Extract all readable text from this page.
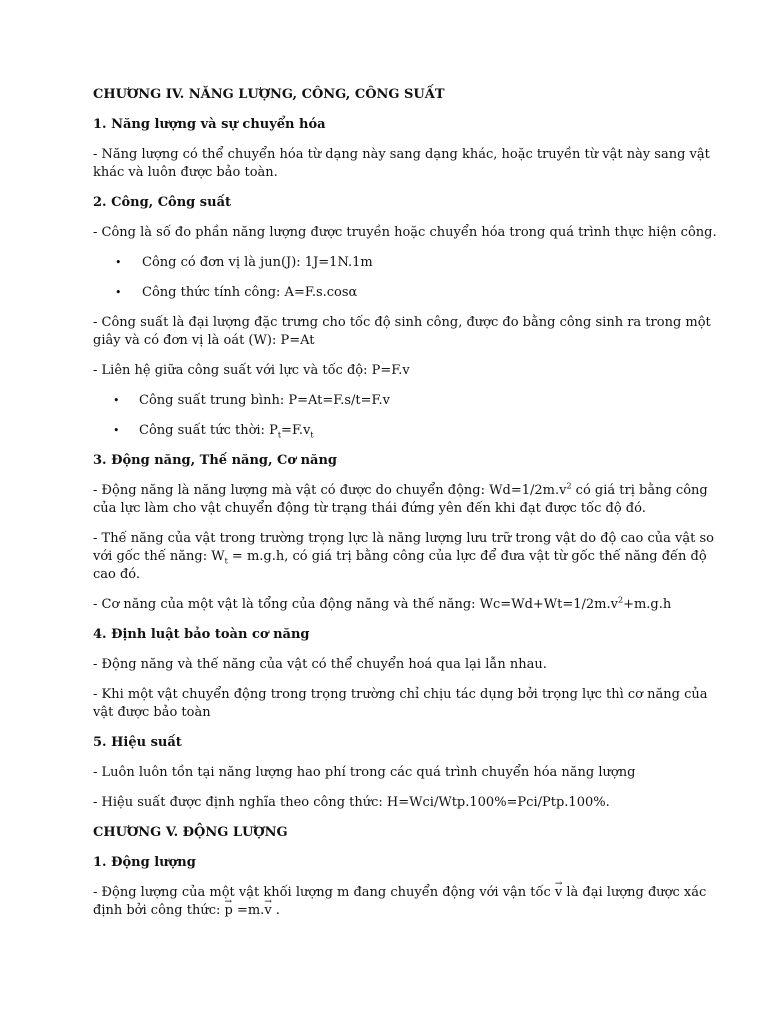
CHƯƠNG IV. NĂNG LƯỢNG, CÔNG, CÔNG SUẤT

1. Năng lượng và sự chuyển hóa

- Năng lượng có thể chuyển hóa từ dạng này sang dạng khác, hoặc truyền từ vật này sang vật

khác và luôn được bảo toàn.

2. Công, Công suất

- Công là số đo phần năng lượng được truyền hoặc chuyển hóa trong quá trình thực hiện công.

• Công có đơn vị là jun(J): 1J=1N.1m
• Công thức tính công: A=F.s.cosα

- Công suất là đại lượng đặc trưng cho tốc độ sinh công, được đo bằng công sinh ra trong một

giây và có đơn vị là oát (W): P=At

- Liên hệ giữa công suất với lực và tốc độ: P=F.v

• Công suất trung bình: P=At=F.s/t=F.v
• Công suất tức thời: $P_t=F.v_t$

3. Động năng, Thế năng, Cơ năng

- Động năng là năng lượng mà vật có được do chuyển động: $Wd=1/2m.v^2$ có giá trị bằng công

của lực làm cho vật chuyển động từ trạng thái đứng yên đến khi đạt được tốc độ đó.

- Thế năng của vật trong trường trọng lực là năng lượng lưu trữ trong vật do độ cao của vật so

với gốc thế năng: $W_t = m.g.h$, có giá trị bằng công của lực để đưa vật từ gốc thế năng đến độ

cao đó.

- Cơ năng của một vật là tổng của động năng và thế năng: $Wc=Wd+Wt=1/2m.v^2+m.g.h$

4. Định luật bảo toàn cơ năng

- Động năng và thế năng của vật có thể chuyển hoá qua lại lẫn nhau.

- Khi một vật chuyển động trong trọng trường chỉ chịu tác dụng bởi trọng lực thì cơ năng của

vật được bảo toàn

5. Hiệu suất

- Luôn luôn tồn tại năng lượng hao phí trong các quá trình chuyển hóa năng lượng

- Hiệu suất được định nghĩa theo công thức: H=Wci/Wtp.100%=Pci/Ptp.100%.

CHƯƠNG V. ĐỘNG LƯỢNG

1. Động lượng

- Động lượng của một vật khối lượng m đang chuyển động với vận tốc → v là đại lượng được xác

định bởi công thức: → p =m.→ v .
